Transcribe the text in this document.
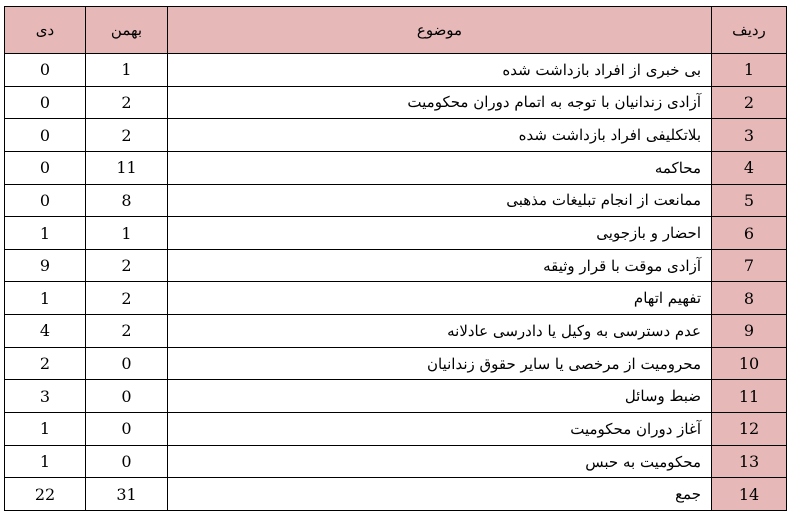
ردیف	موضوع	بهمن	دی
1	بی خبری از افراد بازداشت شده	1	0
2	آزادی زندانیان با توجه به اتمام دوران محکومیت	2	0
3	بلاتکلیفی افراد بازداشت شده	2	0
4	محاکمه	11	0
5	ممانعت از انجام تبلیغات مذهبی	8	0
6	احضار و بازجویی	1	1
7	آزادی موقت با قرار وثیقه	2	9
8	تفهیم اتهام	2	1
9	عدم دسترسی به وکیل یا دادرسی عادلانه	2	4
10	محرومیت از مرخصی یا سایر حقوق زندانیان	0	2
11	ضبط وسائل	0	3
12	آغاز دوران محکومیت	0	1
13	محکومیت به حبس	0	1
14	جمع	31	22
